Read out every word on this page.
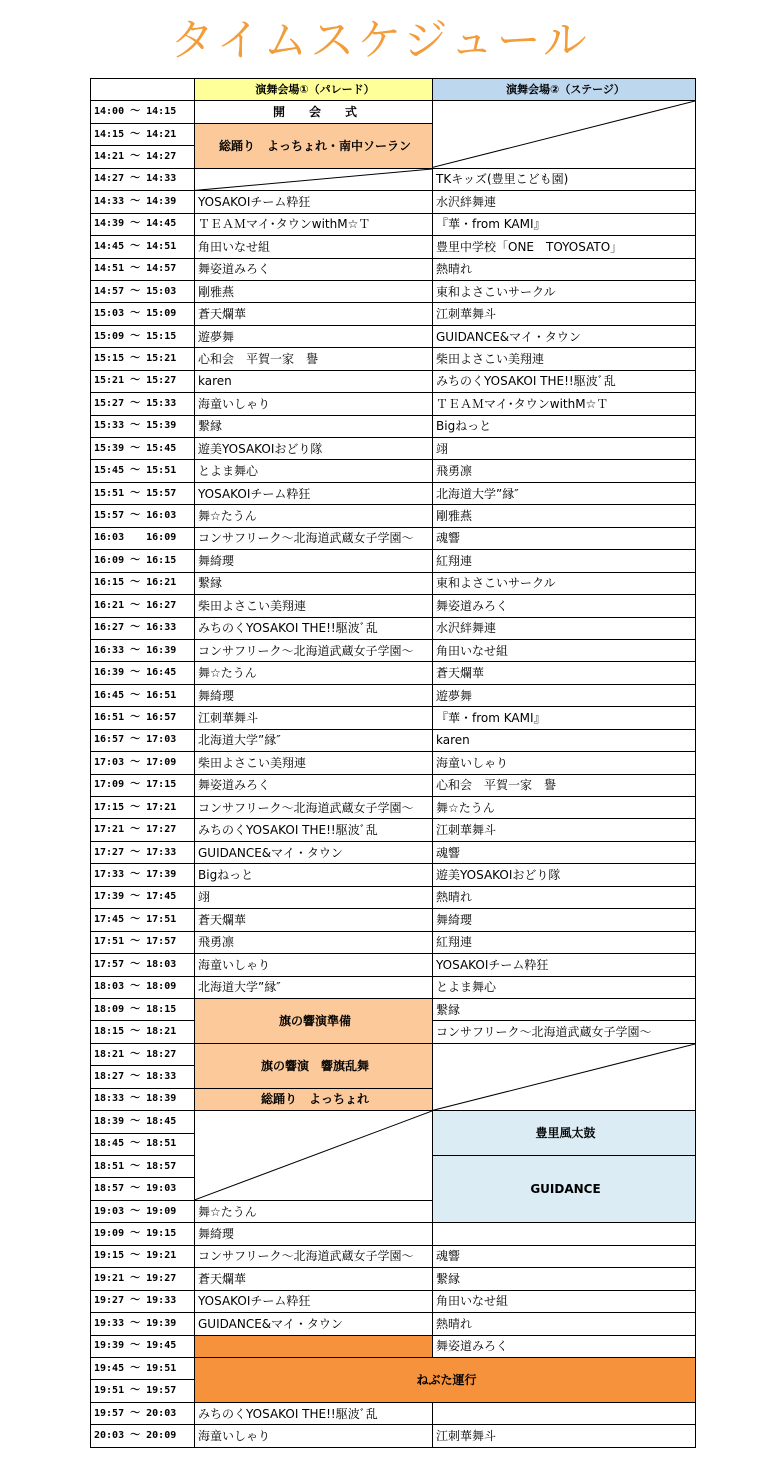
タイムスケジュール
	演舞会場①（パレード）	演舞会場②（ステージ）
14:00 ～ 14:15	開　　会　　式	

14:15 ～ 14:21	総踊り　よっちょれ・南中ソーラン	
14:21 ～ 14:27		
14:27 ～ 14:33		TKキッズ(豊里こども園)
14:33 ～ 14:39	YOSAKOIチーム粋狂	水沢絆舞連
14:39 ～ 14:45	ＴＥＡＭマイ･タウンwithM☆Ｔ	『華・from KAMI』
14:45 ～ 14:51	角田いなせ組	豊里中学校「ONE　TOYOSATO」
14:51 ～ 14:57	舞姿道みろく	熱晴れ
14:57 ～ 15:03	剛雅燕	東和よさこいサークル
15:03 ～ 15:09	蒼天爛華	江刺華舞斗
15:09 ～ 15:15	遊夢舞	GUIDANCE&マイ・タウン
15:15 ～ 15:21	心和会　平賀一家　譽	柴田よさこい美翔連
15:21 ～ 15:27	karen	みちのくYOSAKOI THE!!駆波ﾞ乱
15:27 ～ 15:33	海童いしゃり	ＴＥＡＭマイ･タウンwithM☆Ｔ
15:33 ～ 15:39	繋縁	Bigねっと
15:39 ～ 15:45	遊美YOSAKOIおどり隊	翊
15:45 ～ 15:51	とよま舞心	飛勇凛
15:51 ～ 15:57	YOSAKOIチーム粋狂	北海道大学”縁″
15:57 ～ 16:03	舞☆たうん	剛雅燕
16:03 　 16:09	コンサフリーク～北海道武蔵女子学園～	魂響
16:09 ～ 16:15	舞綺瓔	紅翔連
16:15 ～ 16:21	繋縁	東和よさこいサークル
16:21 ～ 16:27	柴田よさこい美翔連	舞姿道みろく
16:27 ～ 16:33	みちのくYOSAKOI THE!!駆波ﾞ乱	水沢絆舞連
16:33 ～ 16:39	コンサフリーク～北海道武蔵女子学園～	角田いなせ組
16:39 ～ 16:45	舞☆たうん	蒼天爛華
16:45 ～ 16:51	舞綺瓔	遊夢舞
16:51 ～ 16:57	江刺華舞斗	『華・from KAMI』
16:57 ～ 17:03	北海道大学”縁″	karen
17:03 ～ 17:09	柴田よさこい美翔連	海童いしゃり
17:09 ～ 17:15	舞姿道みろく	心和会　平賀一家　譽
17:15 ～ 17:21	コンサフリーク～北海道武蔵女子学園～	舞☆たうん
17:21 ～ 17:27	みちのくYOSAKOI THE!!駆波ﾞ乱	江刺華舞斗
17:27 ～ 17:33	GUIDANCE&マイ・タウン	魂響
17:33 ～ 17:39	Bigねっと	遊美YOSAKOIおどり隊
17:39 ～ 17:45	翊	熱晴れ
17:45 ～ 17:51	蒼天爛華	舞綺瓔
17:51 ～ 17:57	飛勇凛	紅翔連
17:57 ～ 18:03	海童いしゃり	YOSAKOIチーム粋狂
18:03 ～ 18:09	北海道大学”縁″	とよま舞心
18:09 ～ 18:15	旗の響演準備	繋縁
18:15 ～ 18:21		コンサフリーク～北海道武蔵女子学園～
18:21 ～ 18:27	旗の響演　響旗乱舞	

18:27 ～ 18:33		
18:33 ～ 18:39	総踊り　よっちょれ	
18:39 ～ 18:45		豊里風太鼓
18:45 ～ 18:51		
18:51 ～ 18:57		GUIDANCE
18:57 ～ 19:03		
19:03 ～ 19:09	舞☆たうん	
19:09 ～ 19:15	舞綺瓔	
19:15 ～ 19:21	コンサフリーク～北海道武蔵女子学園～	魂響
19:21 ～ 19:27	蒼天爛華	繋縁
19:27 ～ 19:33	YOSAKOIチーム粋狂	角田いなせ組
19:33 ～ 19:39	GUIDANCE&マイ・タウン	熱晴れ
19:39 ～ 19:45		舞姿道みろく
19:45 ～ 19:51	ねぶた運行	
19:51 ～ 19:57		
19:57 ～ 20:03	みちのくYOSAKOI THE!!駆波ﾞ乱	
20:03 ～ 20:09	海童いしゃり	江刺華舞斗
